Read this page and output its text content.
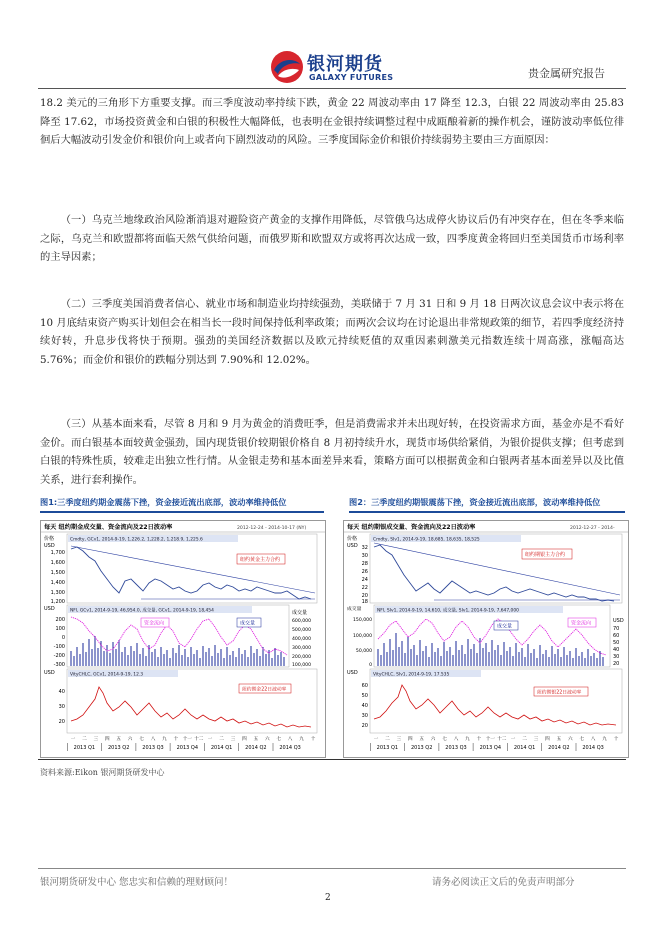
银河期货
GALAXY FUTURES	贵金属研究报告

18.2 美元的三角形下方重要支撑。而三季度波动率持续下跌，黄金 22 周波动率由 17 降至 12.3，白银 22 周波动率由 25.83 降至 17.62，市场投资黄金和白银的积极性大幅降低，也表明在金银持续调整过程中成瓯酿着新的操作机会，谨防波动率低位徘徊后大幅波动引发金价和银价向上或者向下剧烈波动的风险。三季度国际金价和银价持续弱势主要由三方面原因：

（一）乌克兰地缘政治风险渐消退对避险资产黄金的支撑作用降低，尽管俄乌达成停火协议后仍有冲突存在，但在冬季来临之际，乌克兰和欧盟都将面临天然气供给问题，而俄罗斯和欧盟双方或将再次达成一致，四季度黄金将回归至美国货币市场利率的主导因素；

（二）三季度美国消费者信心、就业市场和制造业均持续强劲，美联储于 7 月 31 日和 9 月 18 日两次议息会议中表示将在 10 月底结束资产购买计划但会在相当长一段时间保持低利率政策；而两次会议均在讨论退出非常规政策的细节，若四季度经济持续好转，升息步伐将快于预期。强劲的美国经济数据以及欧元持续贬值的双重因素刺激美元指数连续十周高涨，涨幅高达 5.76%；而金价和银价的跌幅分别达到 7.90%和 12.02%。

（三）从基本面来看，尽管 8 月和 9 月为黄金的消费旺季，但是消费需求并未出现好转，在投资需求方面，基金亦是不看好金价。而白银基本面较黄金强劲，国内现货银价较期银价格自 8 月初持续升水，现货市场供给紧俏，为银价提供支撑；但考虑到白银的特殊性质，较难走出独立性行情。从金银走势和基本面差异来看，策略方面可以根据黄金和白银两者基本面差异以及比值关系，进行套利操作。

图1:三季度纽约期金震荡下挫，资金接近流出底部，波动率维持低位	图2：三季度纽约期银震荡下挫，资金接近流出底部，波动率维持低位
每天 纽约期金成交量、资金流向及22日波动率	2012-12-24 - 2014-10-17 (NY)
价格
USD
Cmdty, GCv1, 2014-9-19, 1,226.2, 1,228.2, 1,218.9, 1,225.6
1,700
1,600
1,500
1,400
1,300
1,200
纽约黄金主力合约
USD	NFI, GCv1, 2014-9-19, 46,954.0, 成交量, GCv1, 2014-9-19, 18,454
200
100
0
-100
-200
-300
成交量
600,000
500,000
400,000
300,000
200,000
100,000
资金流向	成交量
USD	VityCHLC, GCv1, 2014-9-19, 12.3
40
30
20
纽约期金22日波动率
一 二 三 四 五 六 七 八 九 十 十一 十二 一 二 三 四 五 六 七 八 九 十
2013 Q1	2013 Q2	2013 Q3	2013 Q4	2014 Q1	2014 Q2	2014 Q3
每天 纽约期银成交量、资金流向及22日波动率	2012-12-27 - 2014-
价格
USD
Cmdty, SIv1, 2014-9-19, 18,685, 18,635, 18,525
32
30
28
26
24
22
20
18
纽约期银主力合约
成交量	NFI, SIv1, 2014-9-19, 14,610, 成交量, SIv1, 2014-9-19, 7,647,000
150,000
100,000
50,000
0
USD
70
60
50
40
30
20
成交量	资金流向
USD	VityCHLC, SIv1, 2014-9-19, 17.535
60
50
40
30
20
纽约期银22日波动率
一 二 三 四 五 六 七 八 九 十 十一 十二 一 二 三 四 五 六 七 八 九 十
2013 Q1	2013 Q2	2013 Q3	2013 Q4	2014 Q1	2014 Q2	2014 Q3
资料来源:Eikon 银河期货研发中心
银河期货研发中心 您忠实和信赖的理财顾问！	请务必阅读正文后的免责声明部分
2
